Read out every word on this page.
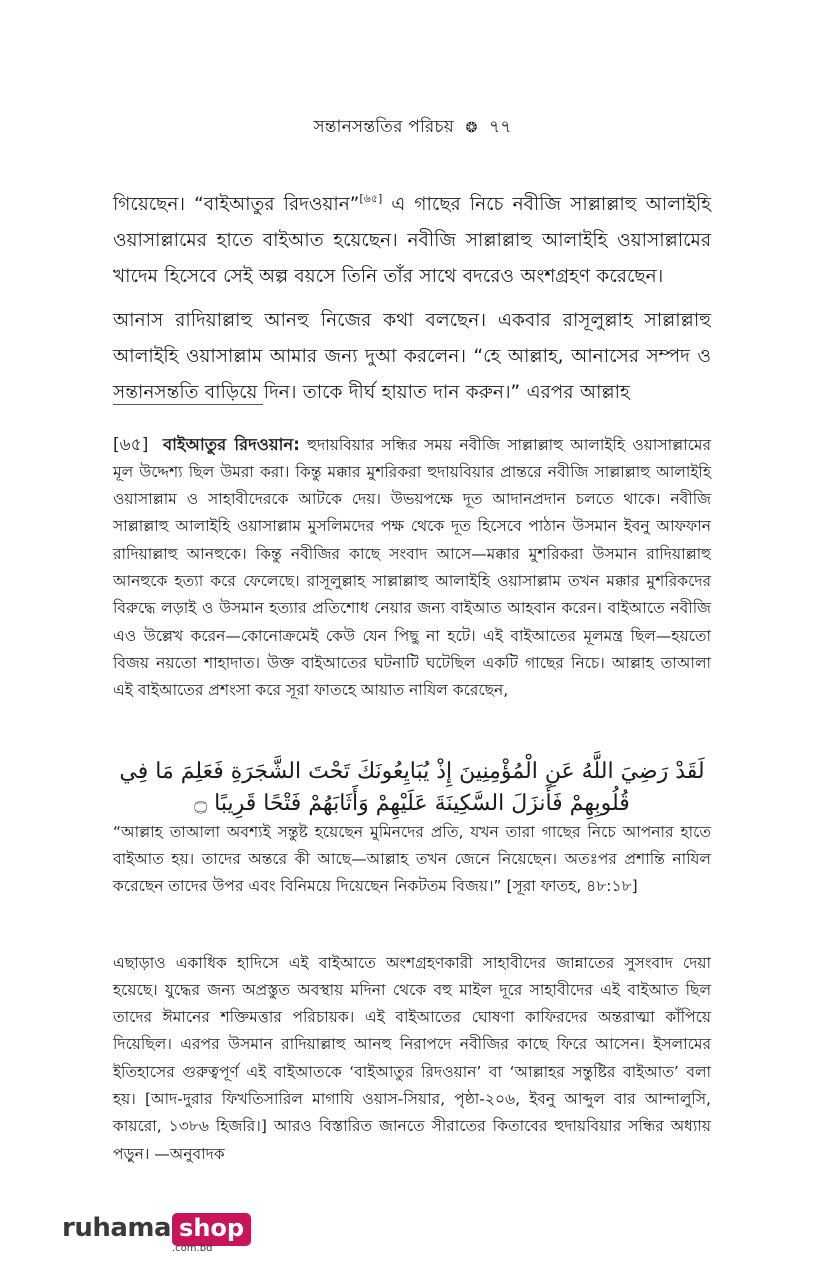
সন্তানসন্ততির পরিচয় ❂ ৭৭

গিয়েছেন। “বাইআতুর রিদওয়ান”[৬৫] এ গাছের নিচে নবীজি সাল্লাল্লাহু আলাইহি ওয়াসাল্লামের হাতে বাইআত হয়েছেন। নবীজি সাল্লাল্লাহু আলাইহি ওয়াসাল্লামের খাদেম হিসেবে সেই অল্প বয়সে তিনি তাঁর সাথে বদরেও অংশগ্রহণ করেছেন।

আনাস রাদিয়াল্লাহু আনহু নিজের কথা বলছেন। একবার রাসূলুল্লাহ সাল্লাল্লাহু আলাইহি ওয়াসাল্লাম আমার জন্য দুআ করলেন। “হে আল্লাহ, আনাসের সম্পদ ও সন্তানসন্ততি বাড়িয়ে দিন। তাকে দীর্ঘ হায়াত দান করুন।” এরপর আল্লাহ

[৬৫] বাইআতুর রিদওয়ান: হুদায়বিয়ার সন্ধির সময় নবীজি সাল্লাল্লাহু আলাইহি ওয়াসাল্লামের মূল উদ্দেশ্য ছিল উমরা করা। কিন্তু মক্কার মুশরিকরা হুদায়বিয়ার প্রান্তরে নবীজি সাল্লাল্লাহু আলাইহি ওয়াসাল্লাম ও সাহাবীদেরকে আটকে দেয়। উভয়পক্ষে দূত আদানপ্রদান চলতে থাকে। নবীজি সাল্লাল্লাহু আলাইহি ওয়াসাল্লাম মুসলিমদের পক্ষ থেকে দূত হিসেবে পাঠান উসমান ইবনু আফফান রাদিয়াল্লাহু আনহুকে। কিন্তু নবীজির কাছে সংবাদ আসে—মক্কার মুশরিকরা উসমান রাদিয়াল্লাহু আনহুকে হত্যা করে ফেলেছে। রাসূলুল্লাহ সাল্লাল্লাহু আলাইহি ওয়াসাল্লাম তখন মক্কার মুশরিকদের বিরুদ্ধে লড়াই ও উসমান হত্যার প্রতিশোধ নেয়ার জন্য বাইআত আহবান করেন। বাইআতে নবীজি এও উল্লেখ করেন—কোনোক্রমেই কেউ যেন পিছু না হটে। এই বাইআতের মূলমন্ত্র ছিল—হয়তো বিজয় নয়তো শাহাদাত। উক্ত বাইআতের ঘটনাটি ঘটেছিল একটি গাছের নিচে। আল্লাহ তাআলা এই বাইআতের প্রশংসা করে সূরা ফাতহে আয়াত নাযিল করেছেন,

لَقَدْ رَضِيَ اللَّهُ عَنِ الْمُؤْمِنِينَ إِذْ يُبَايِعُونَكَ تَحْتَ الشَّجَرَةِ فَعَلِمَ مَا فِي قُلُوبِهِمْ فَأَنزَلَ السَّكِينَةَ عَلَيْهِمْ وَأَثَابَهُمْ فَتْحًا قَرِيبًا ۝

“আল্লাহ তাআলা অবশ্যই সন্তুষ্ট হয়েছেন মুমিনদের প্রতি, যখন তারা গাছের নিচে আপনার হাতে বাইআত হয়। তাদের অন্তরে কী আছে—আল্লাহ তখন জেনে নিয়েছেন। অতঃপর প্রশান্তি নাযিল করেছেন তাদের উপর এবং বিনিময়ে দিয়েছেন নিকটতম বিজয়।” [সূরা ফাতহ, ৪৮:১৮]

এছাড়াও একাধিক হাদিসে এই বাইআতে অংশগ্রহণকারী সাহাবীদের জান্নাতের সুসংবাদ দেয়া হয়েছে। যুদ্ধের জন্য অপ্রস্তুত অবস্থায় মদিনা থেকে বহু মাইল দূরে সাহাবীদের এই বাইআত ছিল তাদের ঈমানের শক্তিমত্তার পরিচায়ক। এই বাইআতের ঘোষণা কাফিরদের অন্তরাত্মা কাঁপিয়ে দিয়েছিল। এরপর উসমান রাদিয়াল্লাহু আনহু নিরাপদে নবীজির কাছে ফিরে আসেন। ইসলামের ইতিহাসের গুরুত্বপূর্ণ এই বাইআতকে ‘বাইআতুর রিদওয়ান’ বা ‘আল্লাহর সন্তুষ্টির বাইআত’ বলা হয়। [আদ-দুরার ফিখতিসারিল মাগাযি ওয়াস-সিয়ার, পৃষ্ঠা-২০৬, ইবনু আব্দুল বার আন্দালুসি, কায়রো, ১৩৮৬ হিজরি।] আরও বিস্তারিত জানতে সীরাতের কিতাবের হুদায়বিয়ার সন্ধির অধ্যায় পড়ুন। —অনুবাদক

ruhama shop
.com.bd
